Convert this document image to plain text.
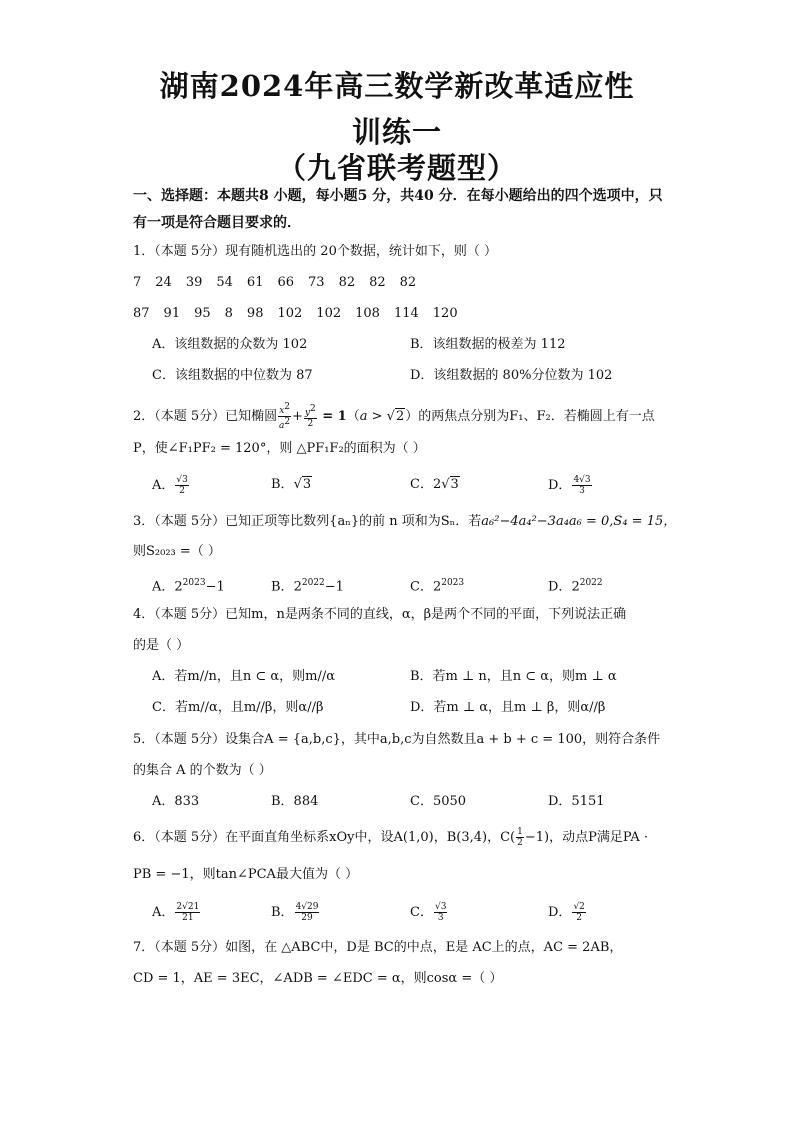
湖南2024年高三数学新改革适应性
训练一
（九省联考题型）
一、选择题：本题共8 小题，每小题5 分，共40 分．在每小题给出的四个选项中，只有一项是符合题目要求的．
1．（本题 5分）现有随机选出的 20个数据，统计如下，则（ ）
7 24 39 54 61 66 73 82 82 82
87 91 95 8 98 102 102 108 114 120
A．该组数据的众数为 102	B．该组数据的极差为 112
C．该组数据的中位数为 87	D．该组数据的 80%分位数为 102
2．（本题 5分）已知椭圆 $\frac{x^2}{a^2} + \frac{y^2}{2} = 1(a > √2)$的两焦点分别为F₁、F₂．若椭圆上有一点
P，使∠F₁PF₂ = 120°，则 △PF₁F₂的面积为（ ）
A． $\frac{√3}{2}$	B．√3	C．2√3	D． $\frac{4√3}{3}$
3．（本题 5分）已知正项等比数列{aₙ}的前 n 项和为Sₙ．若a₆²−4a₄²−3a₄a₆ = 0,S₄ = 15，
则S₂₀₂₃ =（ ）
A．$2^{2023}-1$	B．$2^{2022}-1$	C．$2^{2023}$	D．$2^{2022}$
4．（本题 5分）已知m，n是两条不同的直线，α，β是两个不同的平面，下列说法正确
的是（ ）
A．若m//n，且n ⊂ α，则m//α	B．若m ⊥ n，且n ⊂ α，则m ⊥ α
C．若m//α，且m//β，则α//β	D．若m ⊥ α，且m ⊥ β，则α//β
5．（本题 5分）设集合A = {a,b,c}，其中a,b,c为自然数且a + b + c = 100，则符合条件
的集合 A 的个数为（ ）
A．833	B．884	C．5050	D．5151
6．（本题 5分）在平面直角坐标系xOy中，设A(1,0)，B(3,4)，$C( \frac{1}{2} -1)$，动点P满足PA ·
PB = −1，则tan∠PCA最大值为（ ）
A． $\frac{2√21}{21}$	B． $\frac{4√29}{29}$	C． $\frac{√3}{3}$	D． $\frac{√2}{2}$
7．（本题 5分）如图，在 △ABC中，D是 BC的中点，E是 AC上的点，AC = 2AB，
CD = 1，AE = 3EC，∠ADB = ∠EDC = α，则cosα =（ ）
